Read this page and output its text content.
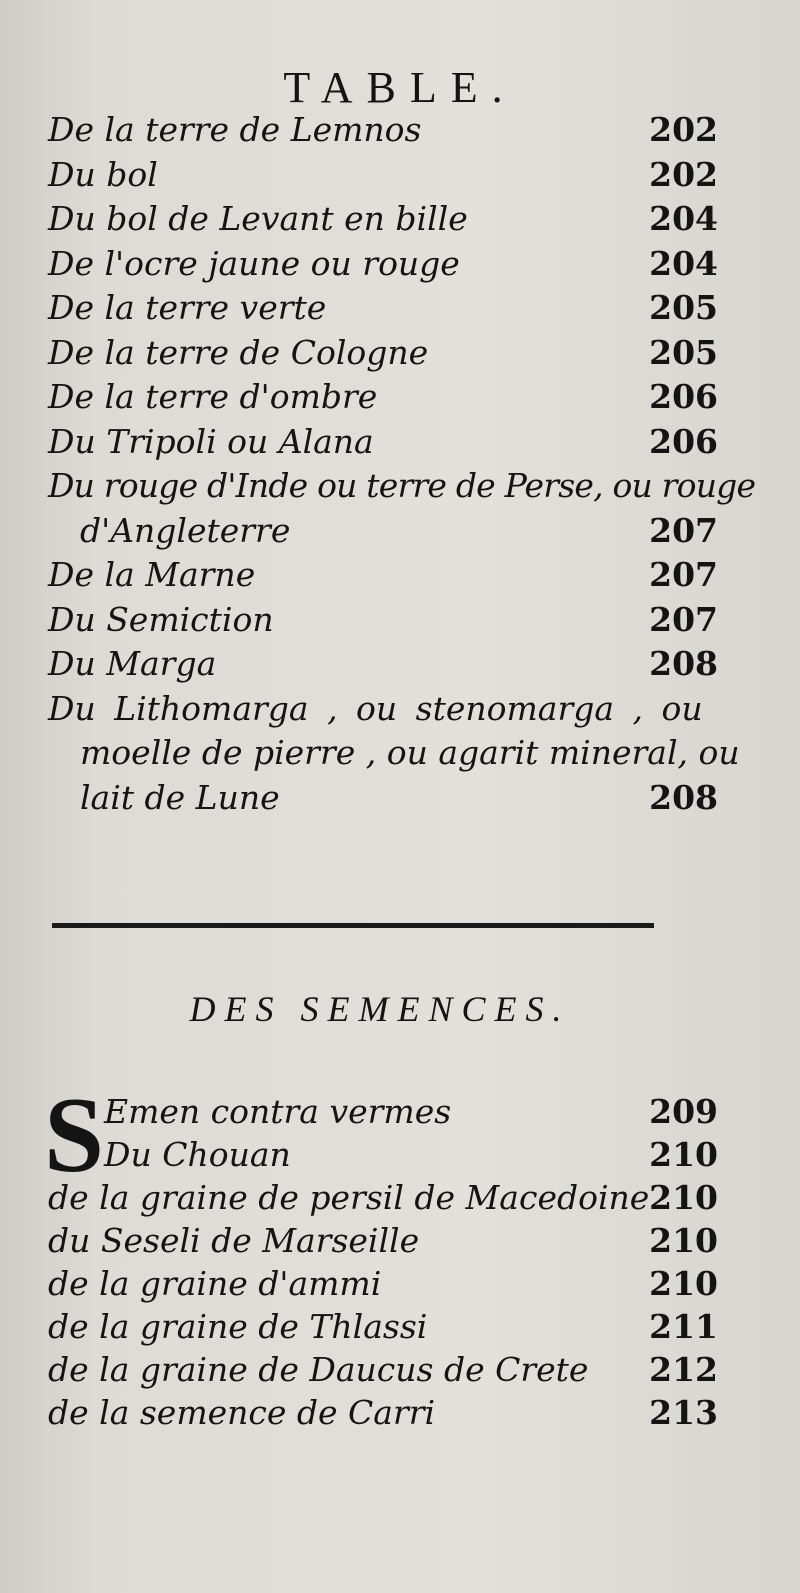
TABLE.
De la terre de Lemnos	202
Du bol	202
Du bol de Levant en bille	204
De l'ocre jaune ou rouge	204
De la terre verte	205
De la terre de Cologne	205
De la terre d'ombre	206
Du Tripoli ou Alana	206
Du rouge d'Inde ou terre de Perse, ou rouge
d'Angleterre	207
De la Marne	207
Du Semiction	207
Du Marga	208
Du Lithomarga , ou stenomarga , ou
moelle de pierre , ou agarit mineral, ou
lait de Lune	208
DES SEMENCES.
S Emen contra vermes	209
Du Chouan	210
de la graine de persil de Macedoine 210
du Seseli de Marseille	210
de la graine d'ammi	210
de la graine de Thlassi	211
de la graine de Daucus de Crete 212
de la semence de Carri	213
